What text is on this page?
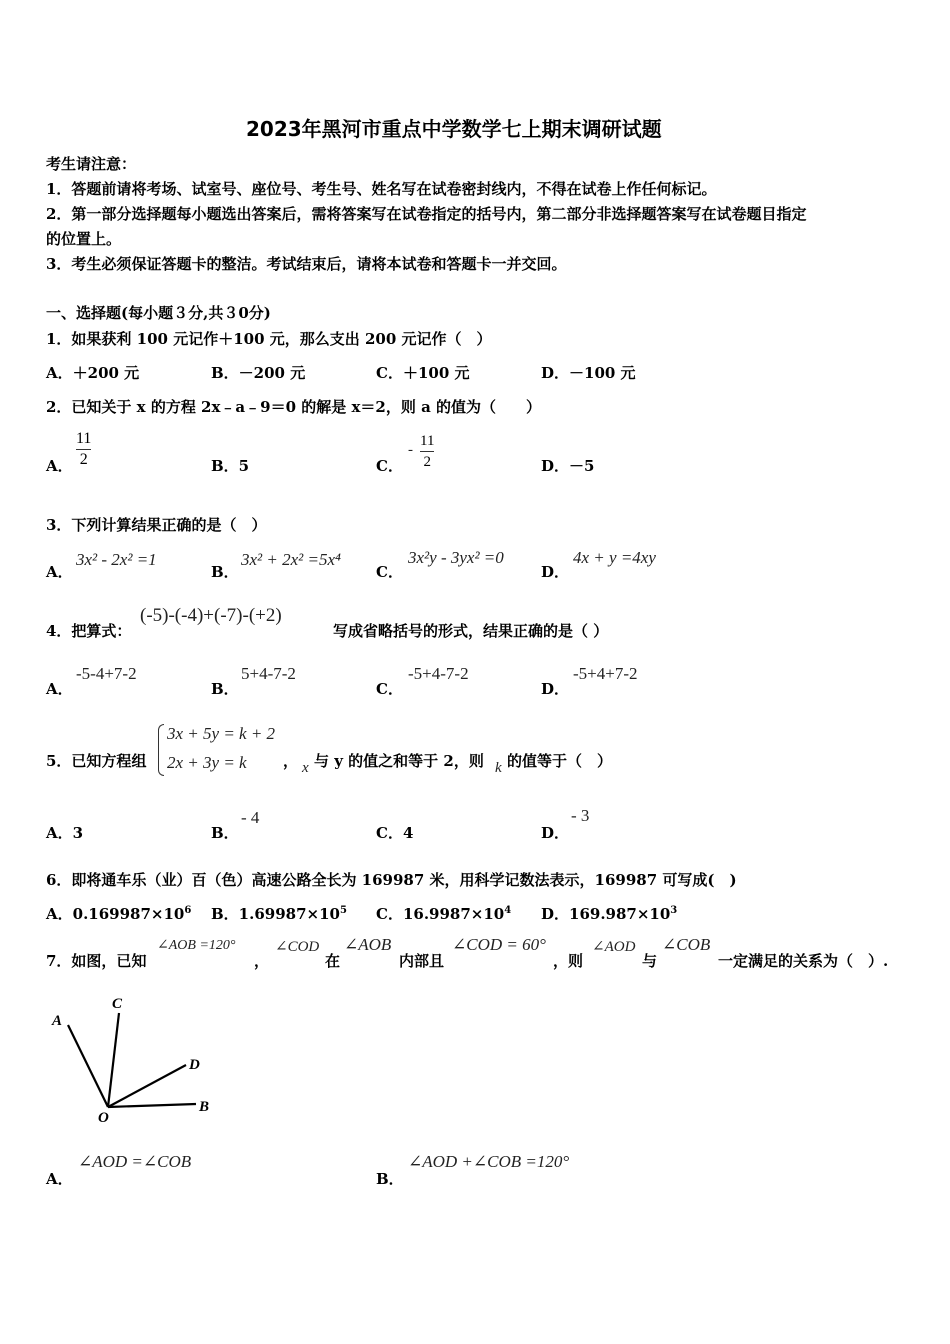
2023年黑河市重点中学数学七上期末调研试题
考生请注意：
1．答题前请将考场、试室号、座位号、考生号、姓名写在试卷密封线内，不得在试卷上作任何标记。
2．第一部分选择题每小题选出答案后，需将答案写在试卷指定的括号内，第二部分非选择题答案写在试卷题目指定
的位置上。
3．考生必须保证答题卡的整洁。考试结束后，请将本试卷和答题卡一并交回。
一、选择题(每小题３分,共３0分)
1．如果获利 100 元记作＋100 元，那么支出 200 元记作（　）
A．＋200 元	B．－200 元	C．＋100 元	D．－100 元
2．已知关于 x 的方程 2x﹣a﹣9＝0 的解是 x＝2，则 a 的值为（　　）
A．
11
2	B．5	C．
-
11
2	D．－5
3．下列计算结果正确的是（　）
A．
3x² - 2x² =1
B．
3x² + 2x² =5x⁴
C．
3x²y - 3yx² =0
D．
4x + y =4xy
4．把算式：
(-5)-(-4)+(-7)-(+2)
写成省略括号的形式，结果正确的是（ ）
A．
-5-4+7-2
B．
5+4-7-2
C．
-5+4-7-2
D．
-5+4+7-2
5．已知方程组
3x + 5y = k + 2
2x + 3y = k ， x 与 y 的值之和等于 2，则 k 的值等于（　）
A．3	B．
- 4
C．4	D．
- 3
6．即将通车乐（业）百（色）高速公路全长为 169987 米，用科学记数法表示，169987 可写成(　)
A．$0.169987\times 10^6$ B．$1.69987\times 10^5$ C．$16.9987\times 10^4$ D．$169.987\times 10^3$
7．如图，已知
∠AOB =120°
，
∠COD
在
∠AOB
内部且
∠COD = 60°
，则
∠AOD
与
∠COB
一定满足的关系为（　）.
A
C
D
O
B
A．
∠AOD =∠COB
B．
∠AOD +∠COB =120°
